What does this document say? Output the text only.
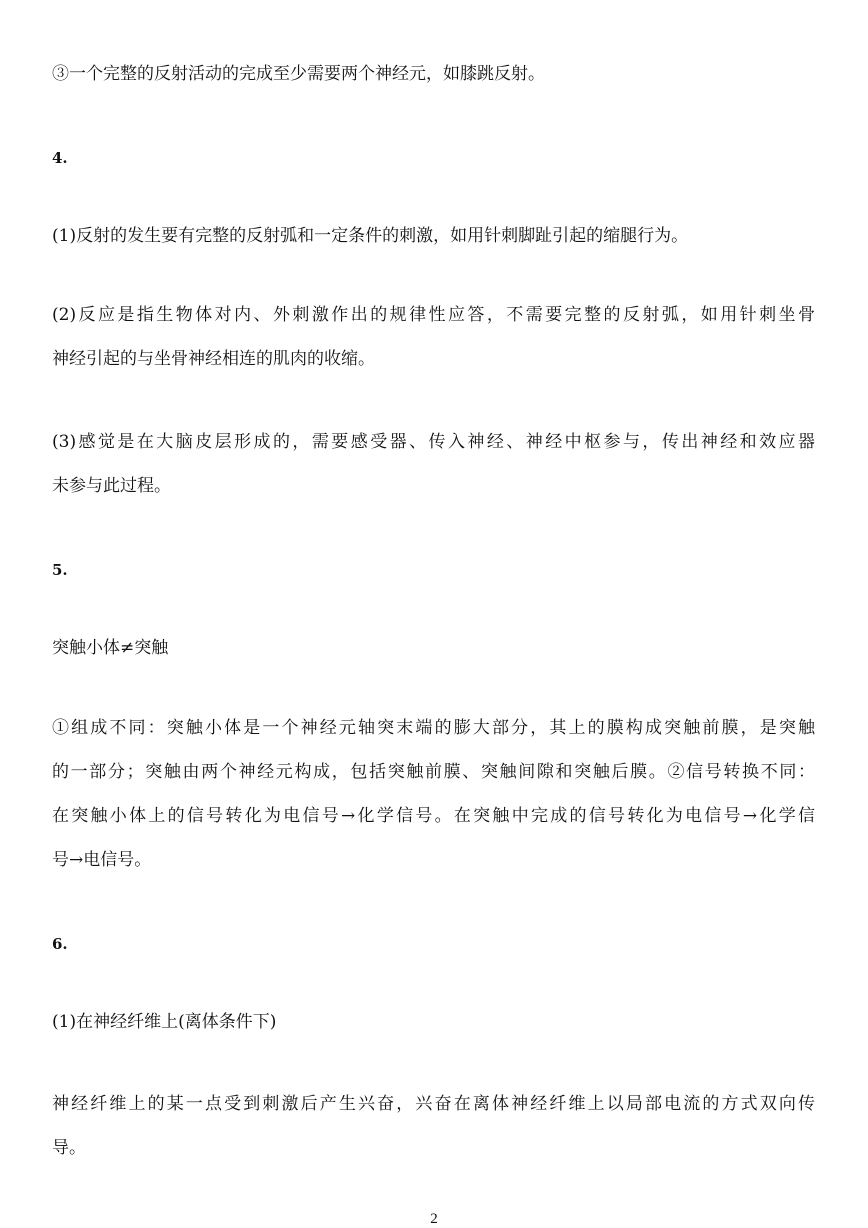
③一个完整的反射活动的完成至少需要两个神经元，如膝跳反射。
4.
(1)反射的发生要有完整的反射弧和一定条件的刺激，如用针刺脚趾引起的缩腿行为。
(2)反应是指生物体对内、外刺激作出的规律性应答，不需要完整的反射弧，如用针刺坐骨
神经引起的与坐骨神经相连的肌肉的收缩。
(3)感觉是在大脑皮层形成的，需要感受器、传入神经、神经中枢参与，传出神经和效应器
未参与此过程。
5.
突触小体≠突触
①组成不同：突触小体是一个神经元轴突末端的膨大部分，其上的膜构成突触前膜，是突触
的一部分；突触由两个神经元构成，包括突触前膜、突触间隙和突触后膜。②信号转换不同：
在突触小体上的信号转化为电信号→化学信号。在突触中完成的信号转化为电信号→化学信
号→电信号。
6.
(1)在神经纤维上(离体条件下)
神经纤维上的某一点受到刺激后产生兴奋，兴奋在离体神经纤维上以局部电流的方式双向传
导。
2
